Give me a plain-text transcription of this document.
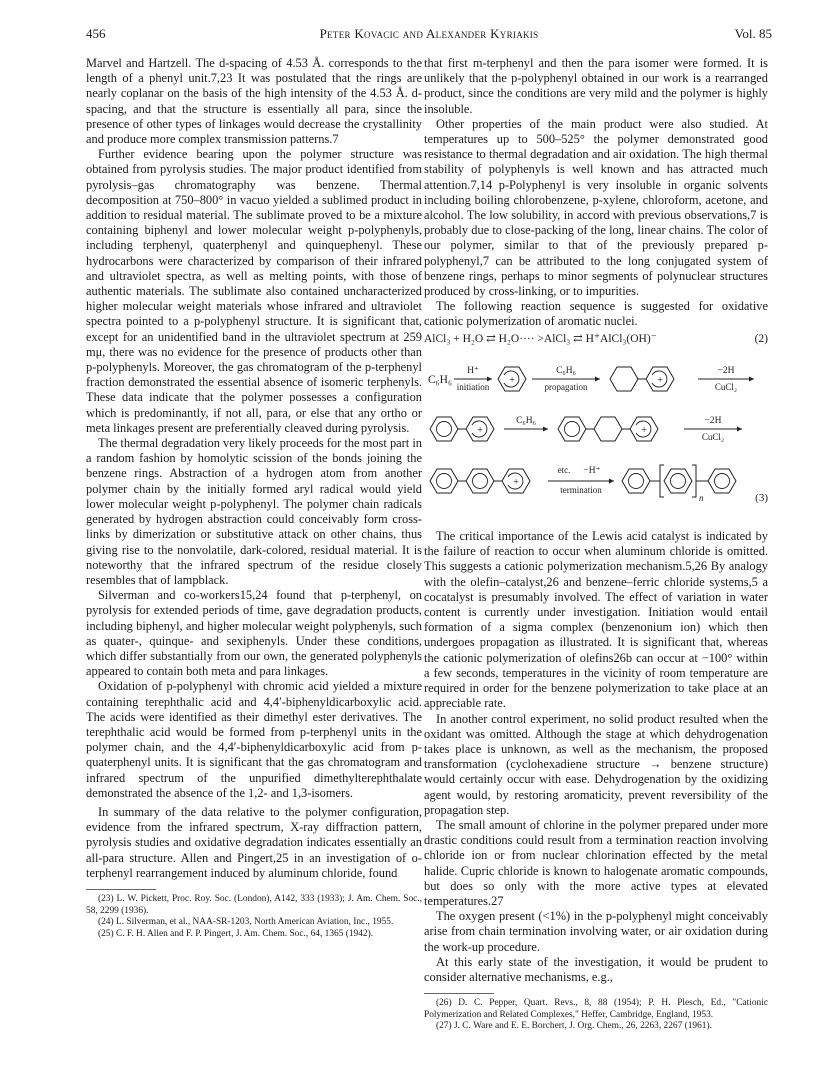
456	Peter Kovacic and Alexander Kyriakis	Vol. 85

Marvel and Hartzell. The d-spacing of 4.53 Å. corresponds to the length of a phenyl unit.7,23 It was postulated that the rings are nearly coplanar on the basis of the high intensity of the 4.53 Å. d-spacing, and that the structure is essentially all para, since the presence of other types of linkages would decrease the crystallinity and produce more complex transmission patterns.7

Further evidence bearing upon the polymer structure was obtained from pyrolysis studies. The major product identified from pyrolysis–gas chromatography was benzene. Thermal decomposition at 750–800° in vacuo yielded a sublimed product in addition to residual material. The sublimate proved to be a mixture containing biphenyl and lower molecular weight p-polyphenyls, including terphenyl, quaterphenyl and quinquephenyl. These hydrocarbons were characterized by comparison of their infrared and ultraviolet spectra, as well as melting points, with those of authentic materials. The sublimate also contained uncharacterized higher molecular weight materials whose infrared and ultraviolet spectra pointed to a p-polyphenyl structure. It is significant that, except for an unidentified band in the ultraviolet spectrum at 259 mμ, there was no evidence for the presence of products other than p-polyphenyls. Moreover, the gas chromatogram of the p-terphenyl fraction demonstrated the essential absence of isomeric terphenyls. These data indicate that the polymer possesses a configuration which is predominantly, if not all, para, or else that any ortho or meta linkages present are preferentially cleaved during pyrolysis.

The thermal degradation very likely proceeds for the most part in a random fashion by homolytic scission of the bonds joining the benzene rings. Abstraction of a hydrogen atom from another polymer chain by the initially formed aryl radical would yield lower molecular weight p-polyphenyl. The polymer chain radicals generated by hydrogen abstraction could conceivably form cross-links by dimerization or substitutive attack on other chains, thus giving rise to the nonvolatile, dark-colored, residual material. It is noteworthy that the infrared spectrum of the residue closely resembles that of lampblack.

Silverman and co-workers15,24 found that p-terphenyl, on pyrolysis for extended periods of time, gave degradation products, including biphenyl, and higher molecular weight polyphenyls, such as quater-, quinque- and sexiphenyls. Under these conditions, which differ substantially from our own, the generated polyphenyls appeared to contain both meta and para linkages.

Oxidation of p-polyphenyl with chromic acid yielded a mixture containing terephthalic acid and 4,4′-biphenyldicarboxylic acid. The acids were identified as their dimethyl ester derivatives. The terephthalic acid would be formed from p-terphenyl units in the polymer chain, and the 4,4′-biphenyldicarboxylic acid from p-quaterphenyl units. It is significant that the gas chromatogram and infrared spectrum of the unpurified dimethylterephthalate demonstrated the absence of the 1,2- and 1,3-isomers.

In summary of the data relative to the polymer configuration, evidence from the infrared spectrum, X-ray diffraction pattern, pyrolysis studies and oxidative degradation indicates essentially an all-para structure. Allen and Pingert,25 in an investigation of o-terphenyl rearrangement induced by aluminum chloride, found

(23) L. W. Pickett, Proc. Roy. Soc. (London), A142, 333 (1933); J. Am. Chem. Soc., 58, 2299 (1936).

(24) L. Silverman, et al., NAA-SR-1203, North American Aviation, Inc., 1955.

(25) C. F. H. Allen and F. P. Pingert, J. Am. Chem. Soc., 64, 1365 (1942).

that first m-terphenyl and then the para isomer were formed. It is unlikely that the p-polyphenyl obtained in our work is a rearranged product, since the conditions are very mild and the polymer is highly insoluble.

Other properties of the main product were also studied. At temperatures up to 500–525° the polymer demonstrated good resistance to thermal degradation and air oxidation. The high thermal stability of polyphenyls is well known and has attracted much attention.7,14 p-Polyphenyl is very insoluble in organic solvents including boiling chlorobenzene, p-xylene, chloroform, acetone, and alcohol. The low solubility, in accord with previous observations,7 is probably due to close-packing of the long, linear chains. The color of our polymer, similar to that of the previously prepared p-polyphenyl,7 can be attributed to the long conjugated system of benzene rings, perhaps to minor segments of polynuclear structures produced by cross-linking, or to impurities.

The following reaction sequence is suggested for oxidative cationic polymerization of aromatic nuclei.

AlCl₃ + H₂O ⇄ H₂O···· >AlCl₃ ⇄ H⁺AlCl₃(OH)⁻	(2)
+
C₆H₆
H⁺
initiation
C₆H₆
propagation
−2H
CuCl₂
C₆H₆	−2H
CuCl₂
etc. −H⁺
termination
n	(3)

The critical importance of the Lewis acid catalyst is indicated by the failure of reaction to occur when aluminum chloride is omitted. This suggests a cationic polymerization mechanism.5,26 By analogy with the olefin–catalyst,26 and benzene–ferric chloride systems,5 a cocatalyst is presumably involved. The effect of variation in water content is currently under investigation. Initiation would entail formation of a sigma complex (benzenonium ion) which then undergoes propagation as illustrated. It is significant that, whereas the cationic polymerization of olefins26b can occur at −100° within a few seconds, temperatures in the vicinity of room temperature are required in order for the benzene polymerization to take place at an appreciable rate.

In another control experiment, no solid product resulted when the oxidant was omitted. Although the stage at which dehydrogenation takes place is unknown, as well as the mechanism, the proposed transformation (cyclohexadiene structure → benzene structure) would certainly occur with ease. Dehydrogenation by the oxidizing agent would, by restoring aromaticity, prevent reversibility of the propagation step.

The small amount of chlorine in the polymer prepared under more drastic conditions could result from a termination reaction involving chloride ion or from nuclear chlorination effected by the metal halide. Cupric chloride is known to halogenate aromatic compounds, but does so only with the more active types at elevated temperatures.27

The oxygen present (<1%) in the p-polyphenyl might conceivably arise from chain termination involving water, or air oxidation during the work-up procedure.

At this early state of the investigation, it would be prudent to consider alternative mechanisms, e.g.,

(26) D. C. Pepper, Quart. Revs., 8, 88 (1954); P. H. Plesch, Ed., "Cationic Polymerization and Related Complexes," Heffer, Cambridge, England, 1953.

(27) J. C. Ware and E. E. Borchert, J. Org. Chem., 26, 2263, 2267 (1961).
